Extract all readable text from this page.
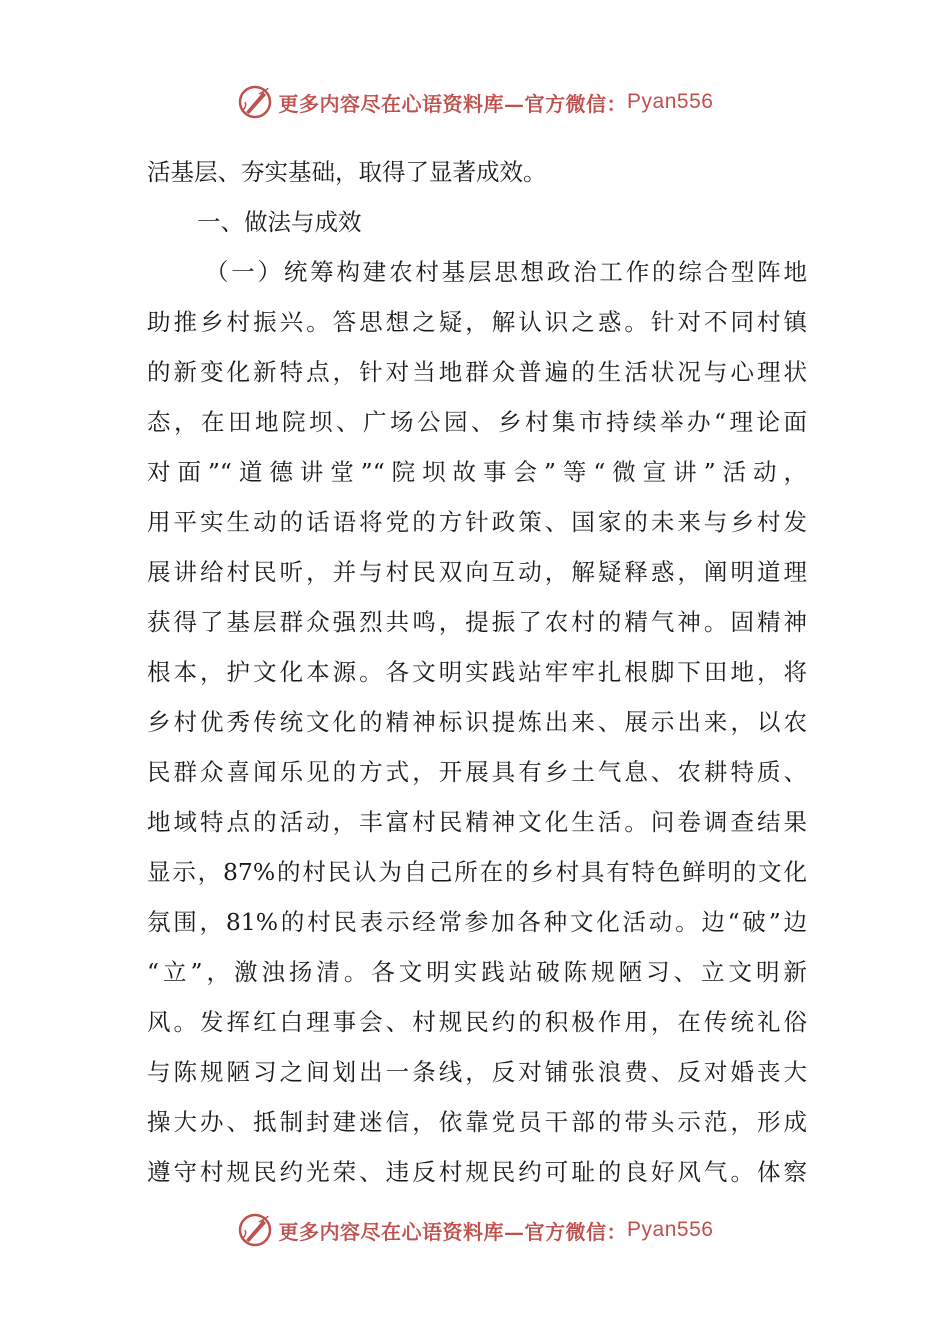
更多内容尽在心语资料库—官方微信： Pyan556
活基层、夯实基础，取得了显著成效。
一、做法与成效
（一）统筹构建农村基层思想政治工作的综合型阵地
助推乡村振兴。答思想之疑，解认识之惑。针对不同村镇
的新变化新特点，针对当地群众普遍的生活状况与心理状
态，在田地院坝、广场公园、乡村集市持续举办“理论面
对面”“道德讲堂”“院坝故事会”等“微宣讲”活动，
用平实生动的话语将党的方针政策、国家的未来与乡村发
展讲给村民听，并与村民双向互动，解疑释惑，阐明道理
获得了基层群众强烈共鸣，提振了农村的精气神。固精神
根本，护文化本源。各文明实践站牢牢扎根脚下田地，将
乡村优秀传统文化的精神标识提炼出来、展示出来，以农
民群众喜闻乐见的方式，开展具有乡土气息、农耕特质、
地域特点的活动，丰富村民精神文化生活。问卷调查结果
显示，87%的村民认为自己所在的乡村具有特色鲜明的文化
氛围，81%的村民表示经常参加各种文化活动。边“破”边
“立”，激浊扬清。各文明实践站破陈规陋习、立文明新
风。发挥红白理事会、村规民约的积极作用，在传统礼俗
与陈规陋习之间划出一条线，反对铺张浪费、反对婚丧大
操大办、抵制封建迷信，依靠党员干部的带头示范，形成
遵守村规民约光荣、违反村规民约可耻的良好风气。体察
更多内容尽在心语资料库—官方微信： Pyan556
